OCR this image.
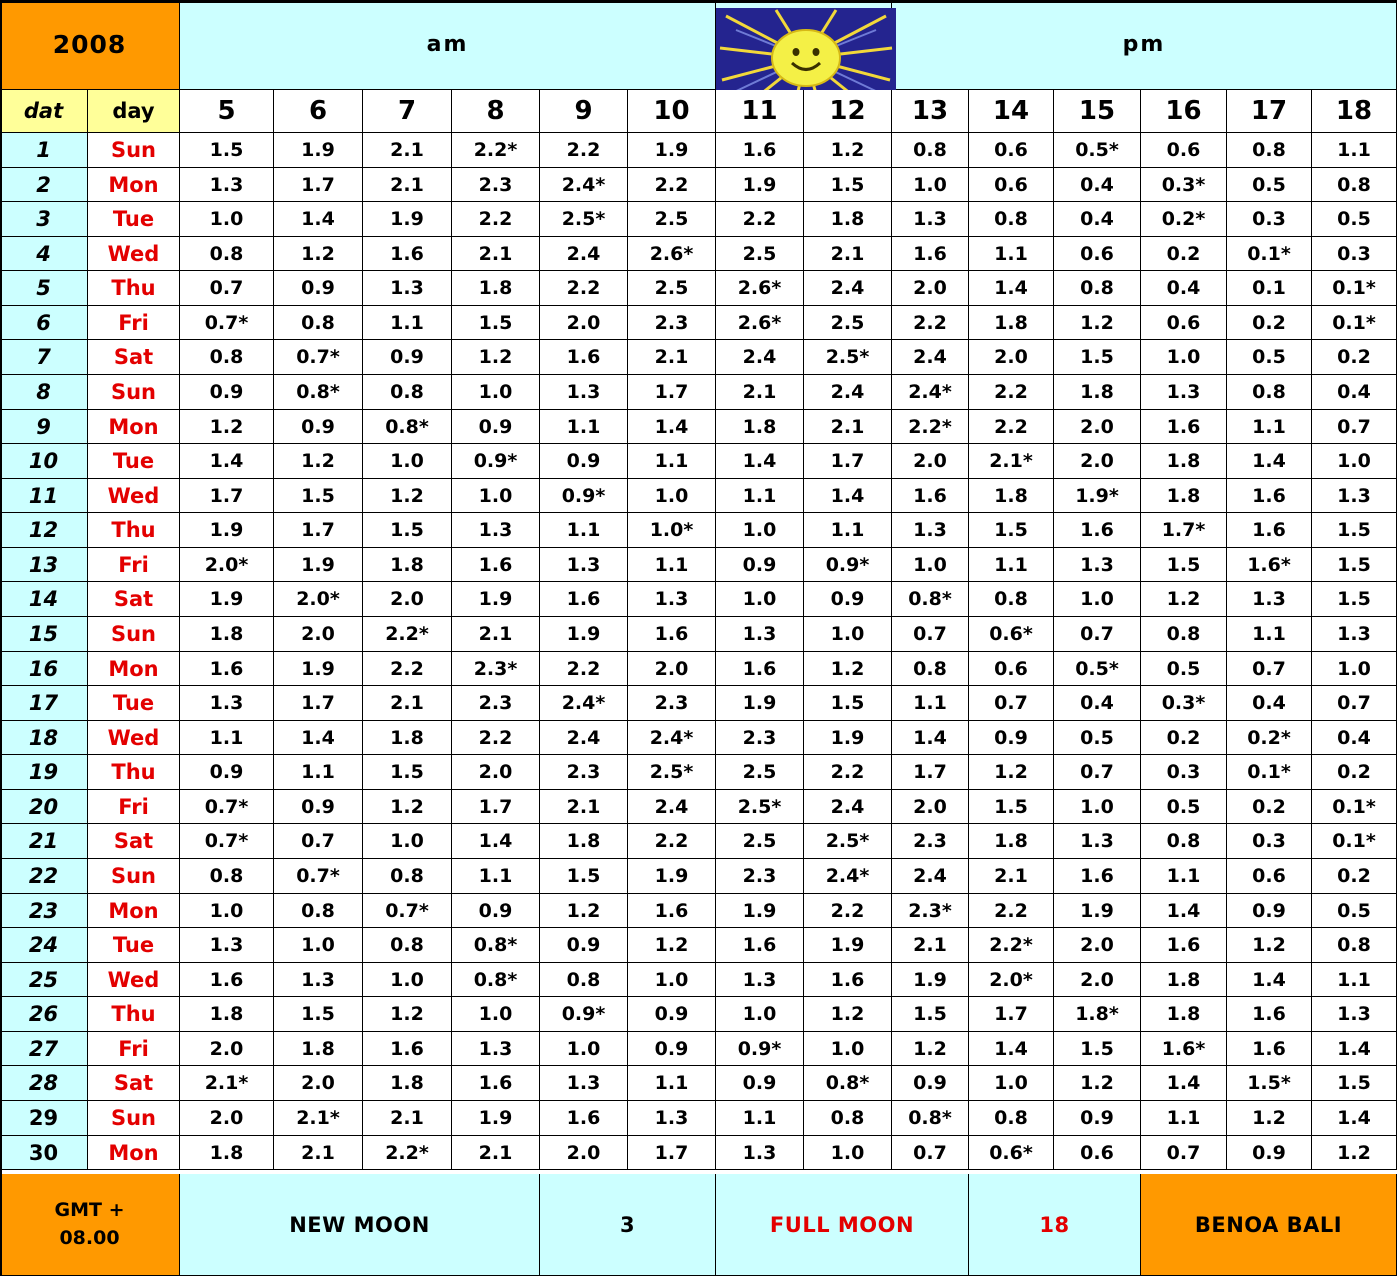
2008	am	pm
dat	day	5	6	7	8	9	10	11	12	13	14	15	16	17	18
1	Sun	1.5	1.9	2.1	2.2*	2.2	1.9	1.6	1.2	0.8	0.6	0.5*	0.6	0.8	1.1
2	Mon	1.3	1.7	2.1	2.3	2.4*	2.2	1.9	1.5	1.0	0.6	0.4	0.3*	0.5	0.8
3	Tue	1.0	1.4	1.9	2.2	2.5*	2.5	2.2	1.8	1.3	0.8	0.4	0.2*	0.3	0.5
4	Wed	0.8	1.2	1.6	2.1	2.4	2.6*	2.5	2.1	1.6	1.1	0.6	0.2	0.1*	0.3
5	Thu	0.7	0.9	1.3	1.8	2.2	2.5	2.6*	2.4	2.0	1.4	0.8	0.4	0.1	0.1*
6	Fri	0.7*	0.8	1.1	1.5	2.0	2.3	2.6*	2.5	2.2	1.8	1.2	0.6	0.2	0.1*
7	Sat	0.8	0.7*	0.9	1.2	1.6	2.1	2.4	2.5*	2.4	2.0	1.5	1.0	0.5	0.2
8	Sun	0.9	0.8*	0.8	1.0	1.3	1.7	2.1	2.4	2.4*	2.2	1.8	1.3	0.8	0.4
9	Mon	1.2	0.9	0.8*	0.9	1.1	1.4	1.8	2.1	2.2*	2.2	2.0	1.6	1.1	0.7
10	Tue	1.4	1.2	1.0	0.9*	0.9	1.1	1.4	1.7	2.0	2.1*	2.0	1.8	1.4	1.0
11	Wed	1.7	1.5	1.2	1.0	0.9*	1.0	1.1	1.4	1.6	1.8	1.9*	1.8	1.6	1.3
12	Thu	1.9	1.7	1.5	1.3	1.1	1.0*	1.0	1.1	1.3	1.5	1.6	1.7*	1.6	1.5
13	Fri	2.0*	1.9	1.8	1.6	1.3	1.1	0.9	0.9*	1.0	1.1	1.3	1.5	1.6*	1.5
14	Sat	1.9	2.0*	2.0	1.9	1.6	1.3	1.0	0.9	0.8*	0.8	1.0	1.2	1.3	1.5
15	Sun	1.8	2.0	2.2*	2.1	1.9	1.6	1.3	1.0	0.7	0.6*	0.7	0.8	1.1	1.3
16	Mon	1.6	1.9	2.2	2.3*	2.2	2.0	1.6	1.2	0.8	0.6	0.5*	0.5	0.7	1.0
17	Tue	1.3	1.7	2.1	2.3	2.4*	2.3	1.9	1.5	1.1	0.7	0.4	0.3*	0.4	0.7
18	Wed	1.1	1.4	1.8	2.2	2.4	2.4*	2.3	1.9	1.4	0.9	0.5	0.2	0.2*	0.4
19	Thu	0.9	1.1	1.5	2.0	2.3	2.5*	2.5	2.2	1.7	1.2	0.7	0.3	0.1*	0.2
20	Fri	0.7*	0.9	1.2	1.7	2.1	2.4	2.5*	2.4	2.0	1.5	1.0	0.5	0.2	0.1*
21	Sat	0.7*	0.7	1.0	1.4	1.8	2.2	2.5	2.5*	2.3	1.8	1.3	0.8	0.3	0.1*
22	Sun	0.8	0.7*	0.8	1.1	1.5	1.9	2.3	2.4*	2.4	2.1	1.6	1.1	0.6	0.2
23	Mon	1.0	0.8	0.7*	0.9	1.2	1.6	1.9	2.2	2.3*	2.2	1.9	1.4	0.9	0.5
24	Tue	1.3	1.0	0.8	0.8*	0.9	1.2	1.6	1.9	2.1	2.2*	2.0	1.6	1.2	0.8
25	Wed	1.6	1.3	1.0	0.8*	0.8	1.0	1.3	1.6	1.9	2.0*	2.0	1.8	1.4	1.1
26	Thu	1.8	1.5	1.2	1.0	0.9*	0.9	1.0	1.2	1.5	1.7	1.8*	1.8	1.6	1.3
27	Fri	2.0	1.8	1.6	1.3	1.0	0.9	0.9*	1.0	1.2	1.4	1.5	1.6*	1.6	1.4
28	Sat	2.1*	2.0	1.8	1.6	1.3	1.1	0.9	0.8*	0.9	1.0	1.2	1.4	1.5*	1.5
29	Sun	2.0	2.1*	2.1	1.9	1.6	1.3	1.1	0.8	0.8*	0.8	0.9	1.1	1.2	1.4
30	Mon	1.8	2.1	2.2*	2.1	2.0	1.7	1.3	1.0	0.7	0.6*	0.6	0.7	0.9	1.2
GMT +
08.00
NEW MOON	3	FULL MOON	18	BENOA BALI
